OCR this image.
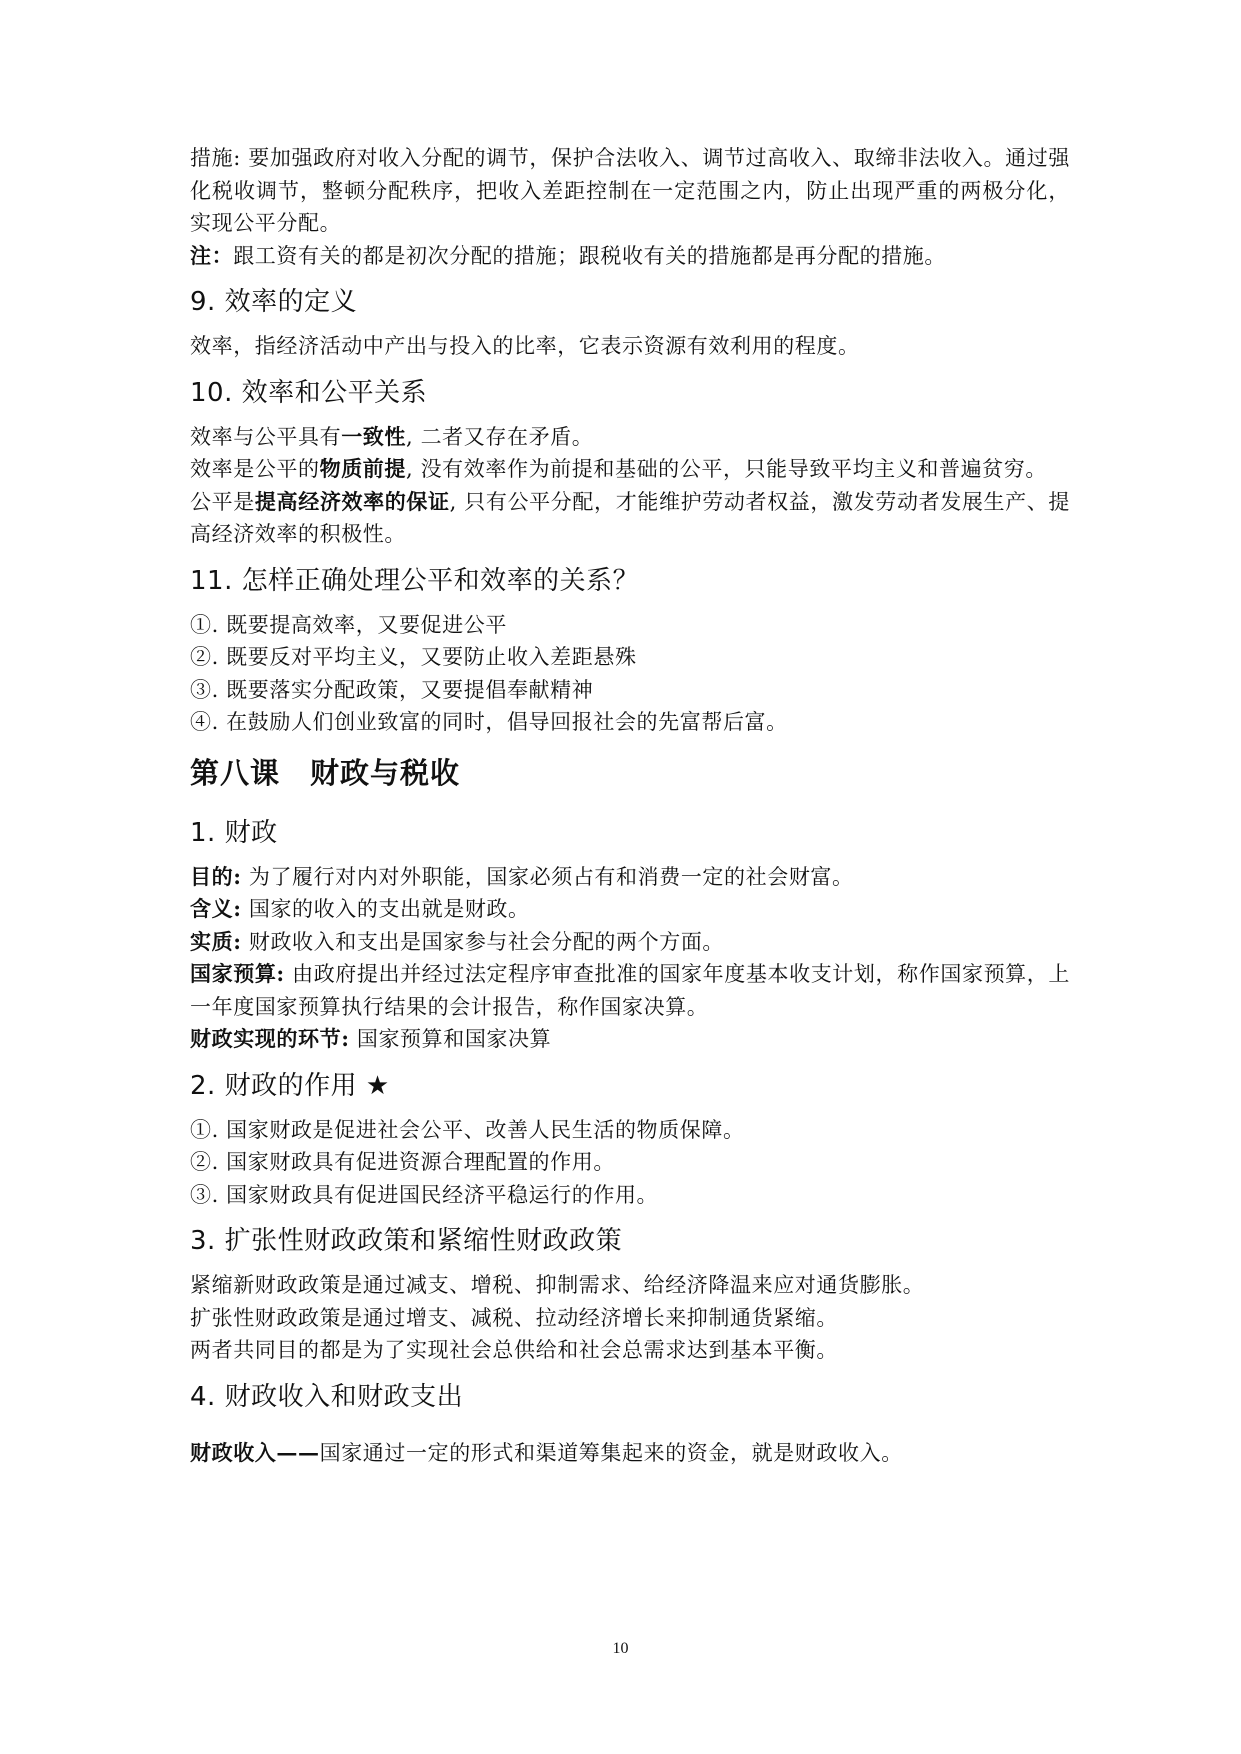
措施: 要加强政府对收入分配的调节，保护合法收入、调节过高收入、取缔非法收入。通过强化税收调节，整顿分配秩序，把收入差距控制在一定范围之内，防止出现严重的两极分化，实现公平分配。

注：跟工资有关的都是初次分配的措施；跟税收有关的措施都是再分配的措施。

9. 效率的定义

效率，指经济活动中产出与投入的比率，它表示资源有效利用的程度。

10. 效率和公平关系

效率与公平具有一致性, 二者又存在矛盾。

效率是公平的物质前提, 没有效率作为前提和基础的公平，只能导致平均主义和普遍贫穷。

公平是提高经济效率的保证, 只有公平分配，才能维护劳动者权益，激发劳动者发展生产、提高经济效率的积极性。

11. 怎样正确处理公平和效率的关系？

①. 既要提高效率，又要促进公平

②. 既要反对平均主义，又要防止收入差距悬殊

③. 既要落实分配政策，又要提倡奉献精神

④. 在鼓励人们创业致富的同时，倡导回报社会的先富帮后富。

第八课　财政与税收
1. 财政

目的: 为了履行对内对外职能，国家必须占有和消费一定的社会财富。

含义: 国家的收入的支出就是财政。

实质: 财政收入和支出是国家参与社会分配的两个方面。

国家预算: 由政府提出并经过法定程序审查批准的国家年度基本收支计划，称作国家预算，上一年度国家预算执行结果的会计报告，称作国家决算。

财政实现的环节: 国家预算和国家决算

2. 财政的作用 ★

①. 国家财政是促进社会公平、改善人民生活的物质保障。

②. 国家财政具有促进资源合理配置的作用。

③. 国家财政具有促进国民经济平稳运行的作用。

3. 扩张性财政政策和紧缩性财政政策

紧缩新财政政策是通过减支、增税、抑制需求、给经济降温来应对通货膨胀。

扩张性财政政策是通过增支、减税、拉动经济增长来抑制通货紧缩。

两者共同目的都是为了实现社会总供给和社会总需求达到基本平衡。

4. 财政收入和财政支出

财政收入——国家通过一定的形式和渠道筹集起来的资金，就是财政收入。

10
